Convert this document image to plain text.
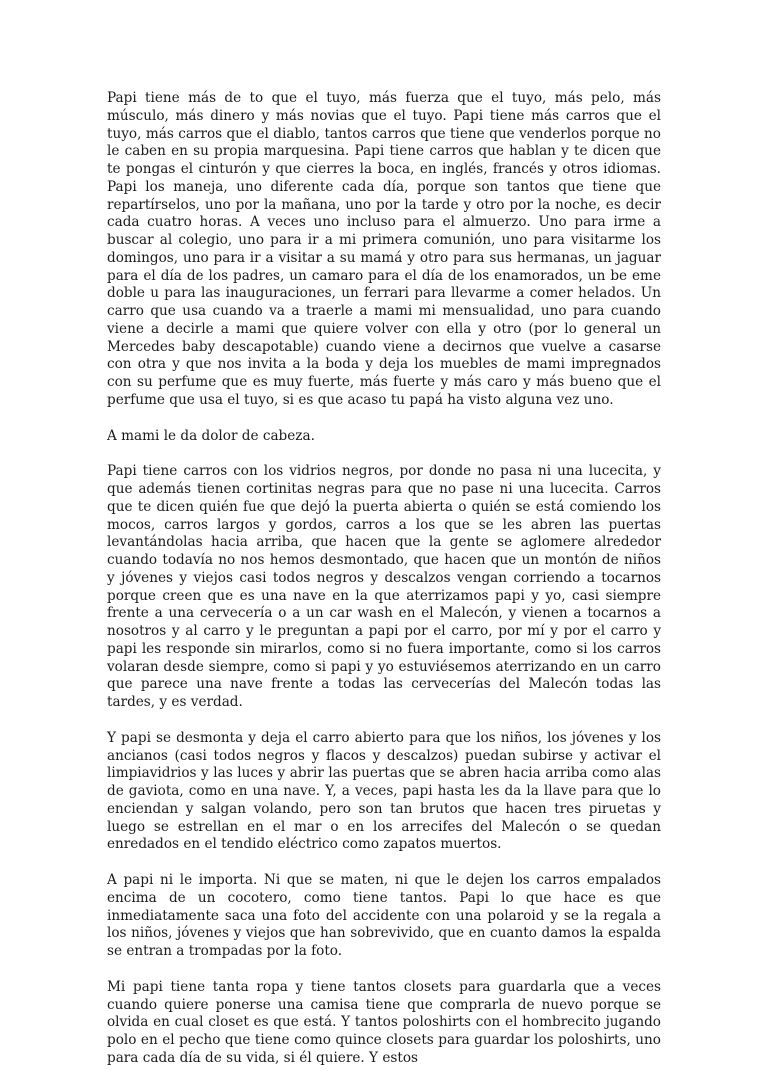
Papi tiene más de to que el tuyo, más fuerza que el tuyo, más pelo, más músculo, más dinero y más novias que el tuyo. Papi tiene más carros que el tuyo, más carros que el diablo, tantos carros que tiene que venderlos porque no le caben en su propia marquesina. Papi tiene carros que hablan y te dicen que te pongas el cinturón y que cierres la boca, en inglés, francés y otros idiomas. Papi los maneja, uno diferente cada día, porque son tantos que tiene que repartírselos, uno por la mañana, uno por la tarde y otro por la noche, es decir cada cuatro horas. A veces uno incluso para el almuerzo. Uno para irme a buscar al colegio, uno para ir a mi primera comunión, uno para visitarme los domingos, uno para ir a visitar a su mamá y otro para sus hermanas, un jaguar para el día de los padres, un camaro para el día de los enamorados, un be eme doble u para las inauguraciones, un ferrari para llevarme a comer helados. Un carro que usa cuando va a traerle a mami mi mensualidad, uno para cuando viene a decirle a mami que quiere volver con ella y otro (por lo general un Mercedes baby descapotable) cuando viene a decirnos que vuelve a casarse con otra y que nos invita a la boda y deja los muebles de mami impregnados con su perfume que es muy fuerte, más fuerte y más caro y más bueno que el perfume que usa el tuyo, si es que acaso tu papá ha visto alguna vez uno.

A mami le da dolor de cabeza.

Papi tiene carros con los vidrios negros, por donde no pasa ni una lucecita, y que además tienen cortinitas negras para que no pase ni una lucecita. Carros que te dicen quién fue que dejó la puerta abierta o quién se está comiendo los mocos, carros largos y gordos, carros a los que se les abren las puertas levantándolas hacia arriba, que hacen que la gente se aglomere alrededor cuando todavía no nos hemos desmontado, que hacen que un montón de niños y jóvenes y viejos casi todos negros y descalzos vengan corriendo a tocarnos porque creen que es una nave en la que aterrizamos papi y yo, casi siempre frente a una cervecería o a un car wash en el Malecón, y vienen a tocarnos a nosotros y al carro y le preguntan a papi por el carro, por mí y por el carro y papi les responde sin mirarlos, como si no fuera importante, como si los carros volaran desde siempre, como si papi y yo estuviésemos aterrizando en un carro que parece una nave frente a todas las cervecerías del Malecón todas las tardes, y es verdad.

Y papi se desmonta y deja el carro abierto para que los niños, los jóvenes y los ancianos (casi todos negros y flacos y descalzos) puedan subirse y activar el limpiavidrios y las luces y abrir las puertas que se abren hacia arriba como alas de gaviota, como en una nave. Y, a veces, papi hasta les da la llave para que lo enciendan y salgan volando, pero son tan brutos que hacen tres piruetas y luego se estrellan en el mar o en los arrecifes del Malecón o se quedan enredados en el tendido eléctrico como zapatos muertos.

A papi ni le importa. Ni que se maten, ni que le dejen los carros empalados encima de un cocotero, como tiene tantos. Papi lo que hace es que inmediatamente saca una foto del accidente con una polaroid y se la regala a los niños, jóvenes y viejos que han sobrevivido, que en cuanto damos la espalda se entran a trompadas por la foto.

Mi papi tiene tanta ropa y tiene tantos closets para guardarla que a veces cuando quiere ponerse una camisa tiene que comprarla de nuevo porque se olvida en cual closet es que está. Y tantos poloshirts con el hombrecito jugando polo en el pecho que tiene como quince closets para guardar los poloshirts, uno para cada día de su vida, si él quiere. Y estos
